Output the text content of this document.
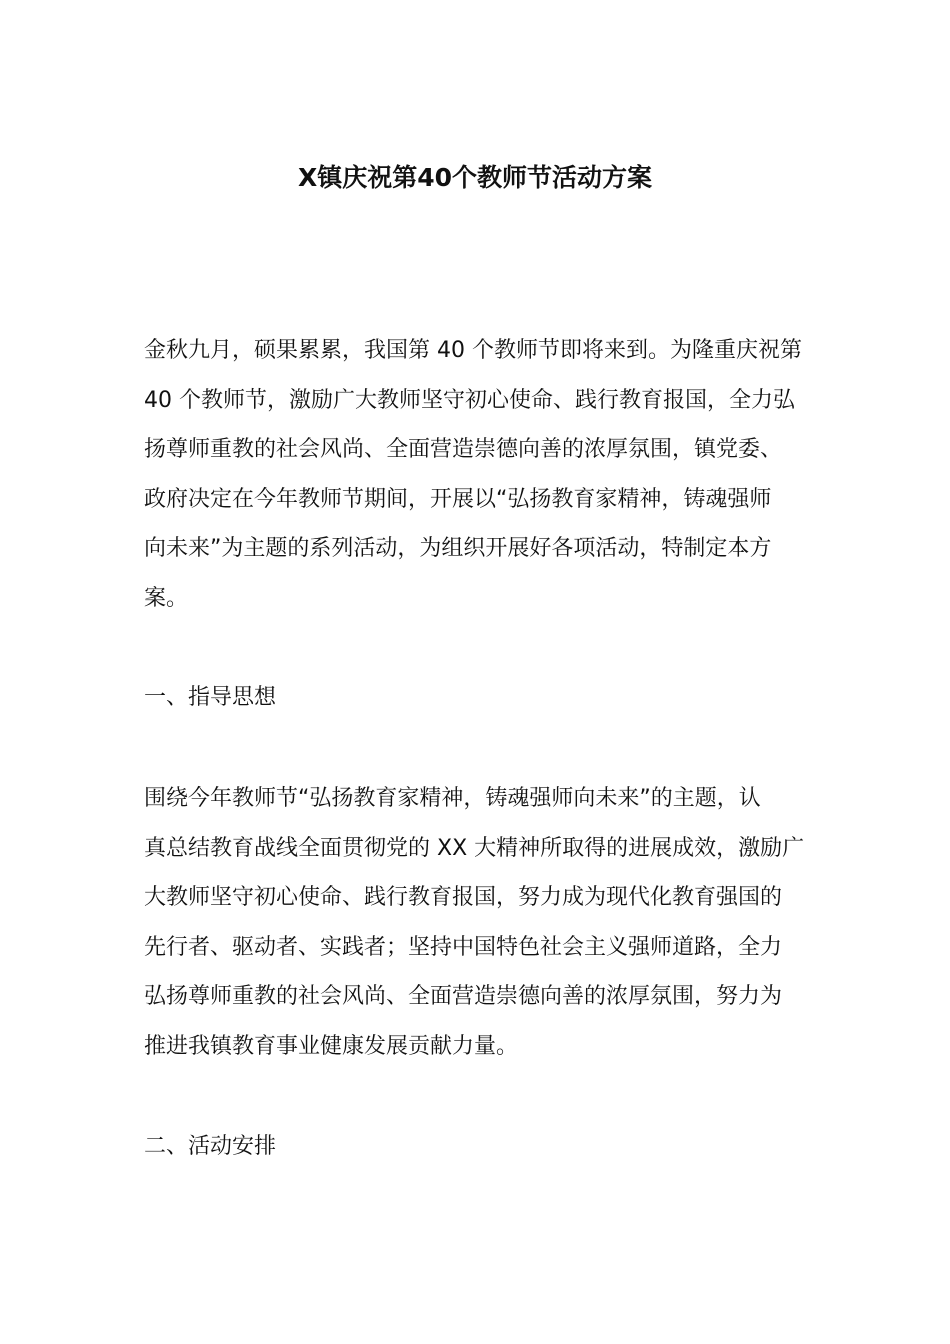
X镇庆祝第40个教师节活动方案
金秋九月，硕果累累，我国第 40 个教师节即将来到。为隆重庆祝第
40 个教师节，激励广大教师坚守初心使命、践行教育报国，全力弘
扬尊师重教的社会风尚、全面营造崇德向善的浓厚氛围，镇党委、
政府决定在今年教师节期间，开展以“弘扬教育家精神，铸魂强师
向未来”为主题的系列活动，为组织开展好各项活动，特制定本方
案。
一、指导思想
围绕今年教师节“弘扬教育家精神，铸魂强师向未来”的主题，认
真总结教育战线全面贯彻党的 XX 大精神所取得的进展成效，激励广
大教师坚守初心使命、践行教育报国，努力成为现代化教育强国的
先行者、驱动者、实践者；坚持中国特色社会主义强师道路，全力
弘扬尊师重教的社会风尚、全面营造崇德向善的浓厚氛围，努力为
推进我镇教育事业健康发展贡献力量。
二、活动安排
